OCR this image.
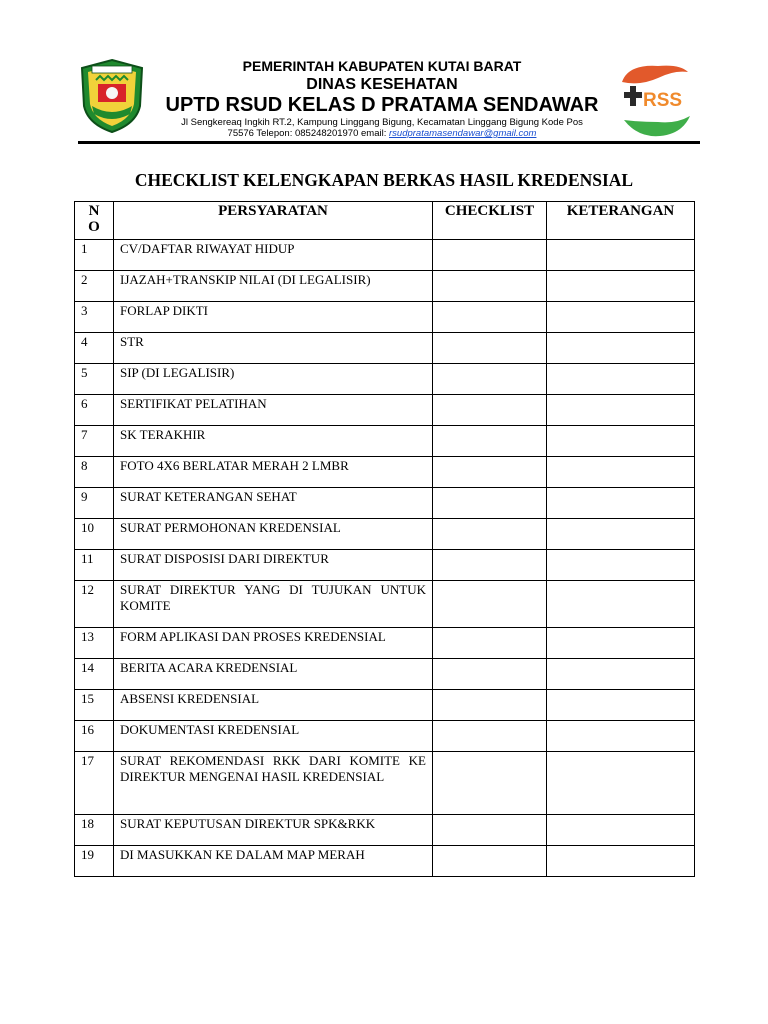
PEMERINTAH KABUPATEN KUTAI BARAT
DINAS KESEHATAN
UPTD RSUD KELAS D PRATAMA SENDAWAR
Jl Sengkereaq Ingkih RT.2, Kampung Linggang Bigung, Kecamatan Linggang Bigung Kode Pos
75576 Telepon: 085248201970 email: rsudpratamasendawar@gmail.com
RSS
CHECKLIST KELENGKAPAN BERKAS HASIL KREDENSIAL
N
O	PERSYARATAN	CHECKLIST	KETERANGAN
1	CV/DAFTAR RIWAYAT HIDUP		
2	IJAZAH+TRANSKIP NILAI (DI LEGALISIR)		
3	FORLAP DIKTI		
4	STR		
5	SIP (DI LEGALISIR)		
6	SERTIFIKAT PELATIHAN		
7	SK TERAKHIR		
8	FOTO 4X6 BERLATAR MERAH 2 LMBR		
9	SURAT KETERANGAN SEHAT		
10	SURAT PERMOHONAN KREDENSIAL		
11	SURAT DISPOSISI DARI DIREKTUR		
12	SURAT DIREKTUR YANG DI TUJUKAN UNTUK KOMITE		
13	FORM APLIKASI DAN PROSES KREDENSIAL		
14	BERITA ACARA KREDENSIAL		
15	ABSENSI KREDENSIAL		
16	DOKUMENTASI KREDENSIAL		
17	SURAT REKOMENDASI RKK DARI KOMITE KE DIREKTUR MENGENAI HASIL KREDENSIAL		
18	SURAT KEPUTUSAN DIREKTUR SPK&RKK		
19	DI MASUKKAN KE DALAM MAP MERAH		
